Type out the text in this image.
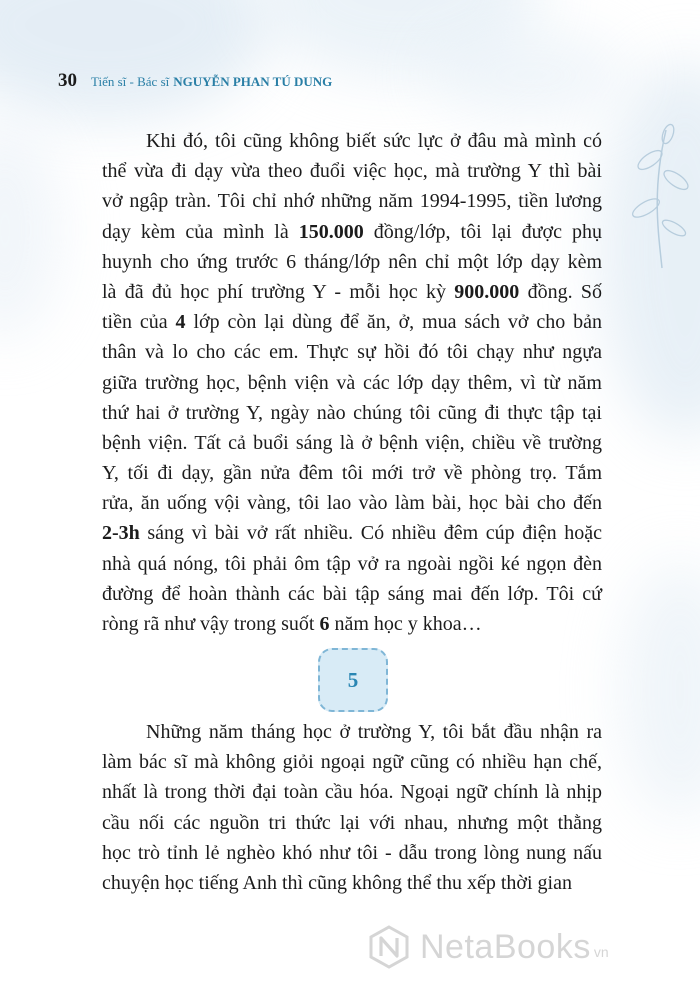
30 Tiến sĩ - Bác sĩ NGUYỄN PHAN TÚ DUNG
Khi đó, tôi cũng không biết sức lực ở đâu mà mình có
thể vừa đi dạy vừa theo đuổi việc học, mà trường Y thì bài
vở ngập tràn. Tôi chỉ nhớ những năm 1994-1995, tiền lương
dạy kèm của mình là 150.000 đồng/lớp, tôi lại được phụ
huynh cho ứng trước 6 tháng/lớp nên chỉ một lớp dạy kèm
là đã đủ học phí trường Y - mỗi học kỳ 900.000 đồng. Số
tiền của 4 lớp còn lại dùng để ăn, ở, mua sách vở cho bản
thân và lo cho các em. Thực sự hồi đó tôi chạy như ngựa
giữa trường học, bệnh viện và các lớp dạy thêm, vì từ năm
thứ hai ở trường Y, ngày nào chúng tôi cũng đi thực tập tại
bệnh viện. Tất cả buổi sáng là ở bệnh viện, chiều về trường
Y, tối đi dạy, gần nửa đêm tôi mới trở về phòng trọ. Tắm
rửa, ăn uống vội vàng, tôi lao vào làm bài, học bài cho đến
2-3h sáng vì bài vở rất nhiều. Có nhiều đêm cúp điện hoặc
nhà quá nóng, tôi phải ôm tập vở ra ngoài ngồi ké ngọn đèn
đường để hoàn thành các bài tập sáng mai đến lớp. Tôi cứ
ròng rã như vậy trong suốt 6 năm học y khoa…
5
Những năm tháng học ở trường Y, tôi bắt đầu nhận ra
làm bác sĩ mà không giỏi ngoại ngữ cũng có nhiều hạn chế,
nhất là trong thời đại toàn cầu hóa. Ngoại ngữ chính là nhịp
cầu nối các nguồn tri thức lại với nhau, nhưng một thằng
học trò tỉnh lẻ nghèo khó như tôi - dẫu trong lòng nung nấu
chuyện học tiếng Anh thì cũng không thể thu xếp thời gian
NetaBooks vn
